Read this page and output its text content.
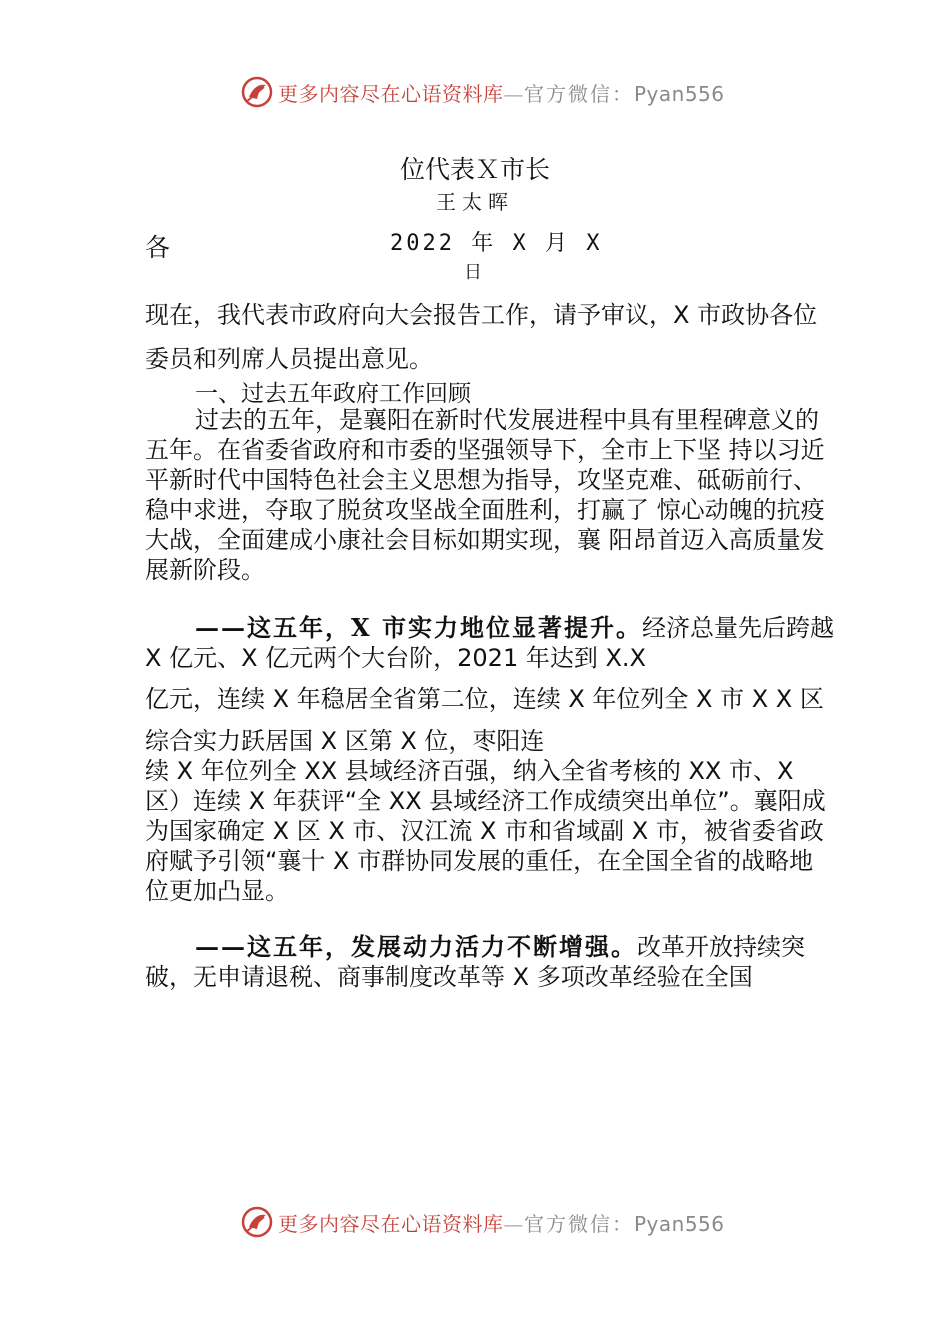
更多内容尽在心语资料库—官方微信：Pyan556
位代表Ｘ市长
王太晖
各	2022 年 X 月 X
日
现在，我代表市政府向大会报告工作，请予审议，X 市政协各位委员和列席人员提出意见。
一、过去五年政府工作回顾
过去的五年，是襄阳在新时代发展进程中具有里程碑意义的五年。在省委省政府和市委的坚强领导下，全市上下坚 持以习近平新时代中国特色社会主义思想为指导，攻坚克难、砥砺前行、稳中求进，夺取了脱贫攻坚战全面胜利，打赢了 惊心动魄的抗疫大战，全面建成小康社会目标如期实现，襄 阳昂首迈入高质量发展新阶段。
——这五年，X 市实力地位显著提升。经济总量先后跨越 X 亿元、X 亿元两个大台阶，2021 年达到 X.X
亿元，连续 X 年稳居全省第二位，连续 X 年位列全 X 市 X X 区综合实力跃居国 X 区第 X 位，枣阳连
续 X 年位列全 XX 县域经济百强，纳入全省考核的 XX 市、X 区）连续 X 年获评“全 XX 县域经济工作成绩突出单位”。襄阳成为国家确定 X 区 X 市、汉江流 X 市和省域副 X 市，被省委省政府赋予引领“襄十 X 市群协同发展的重任，在全国全省的战略地位更加凸显。
——这五年，发展动力活力不断增强。改革开放持续突破，无申请退税、商事制度改革等 X 多项改革经验在全国
更多内容尽在心语资料库—官方微信：Pyan556
